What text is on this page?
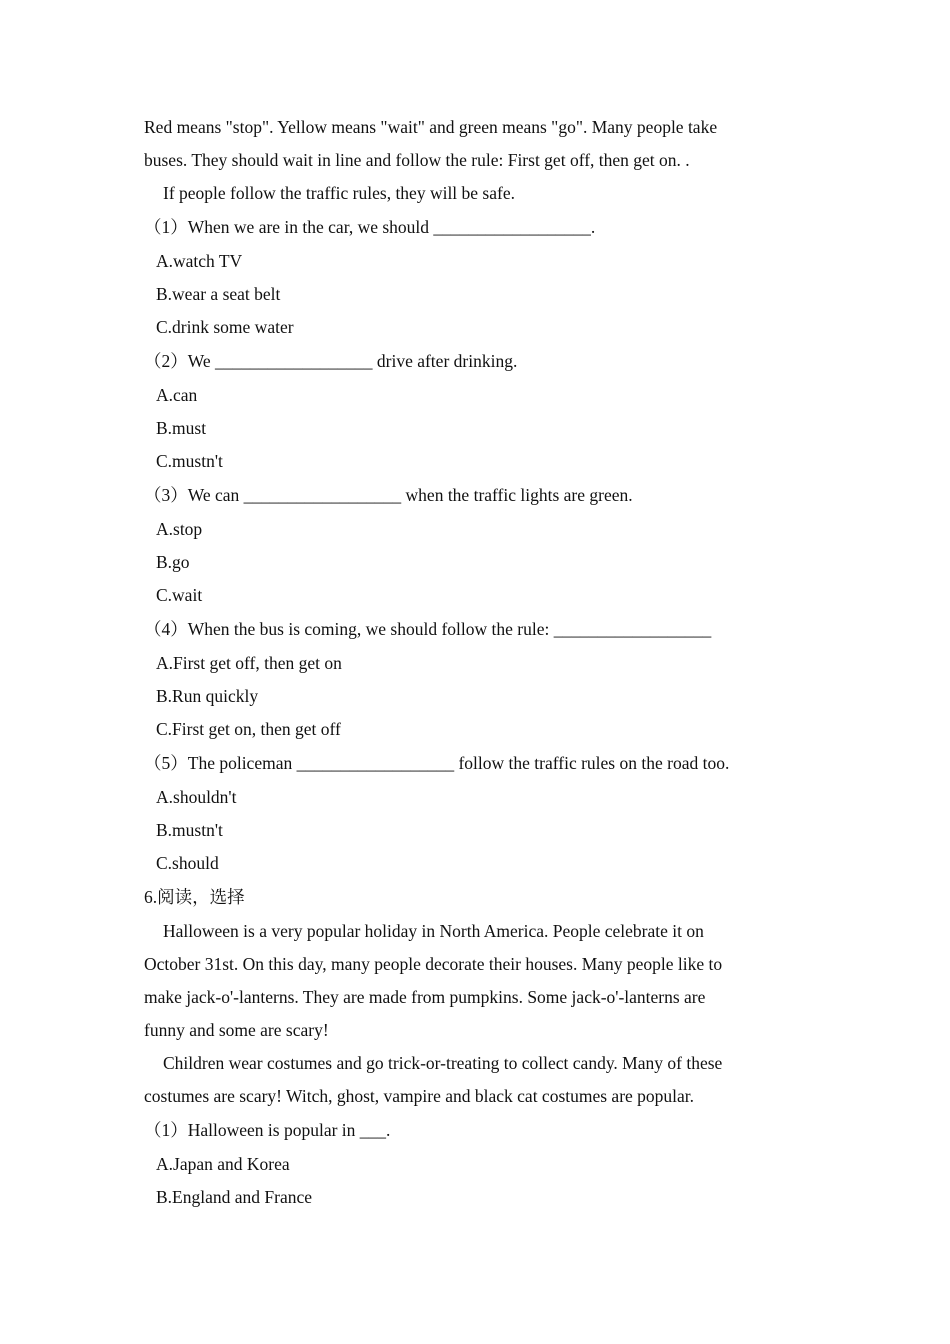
Red means "stop". Yellow means "wait" and green means "go". Many people take
buses. They should wait in line and follow the rule: First get off, then get on. .
If people follow the traffic rules, they will be safe.
（1）When we are in the car, we should __________________.
A.watch TV
B.wear a seat belt
C.drink some water
（2）We __________________ drive after drinking.
A.can
B.must
C.mustn't
（3）We can __________________ when the traffic lights are green.
A.stop
B.go
C.wait
（4）When the bus is coming, we should follow the rule: __________________
A.First get off, then get on
B.Run quickly
C.First get on, then get off
（5）The policeman __________________ follow the traffic rules on the road too.
A.shouldn't
B.mustn't
C.should
6.阅读，选择
Halloween is a very popular holiday in North America. People celebrate it on
October 31st. On this day, many people decorate their houses. Many people like to
make jack-o'-lanterns. They are made from pumpkins. Some jack-o'-lanterns are
funny and some are scary!
Children wear costumes and go trick-or-treating to collect candy. Many of these
costumes are scary! Witch, ghost, vampire and black cat costumes are popular.
（1）Halloween is popular in ___.
A.Japan and Korea
B.England and France
